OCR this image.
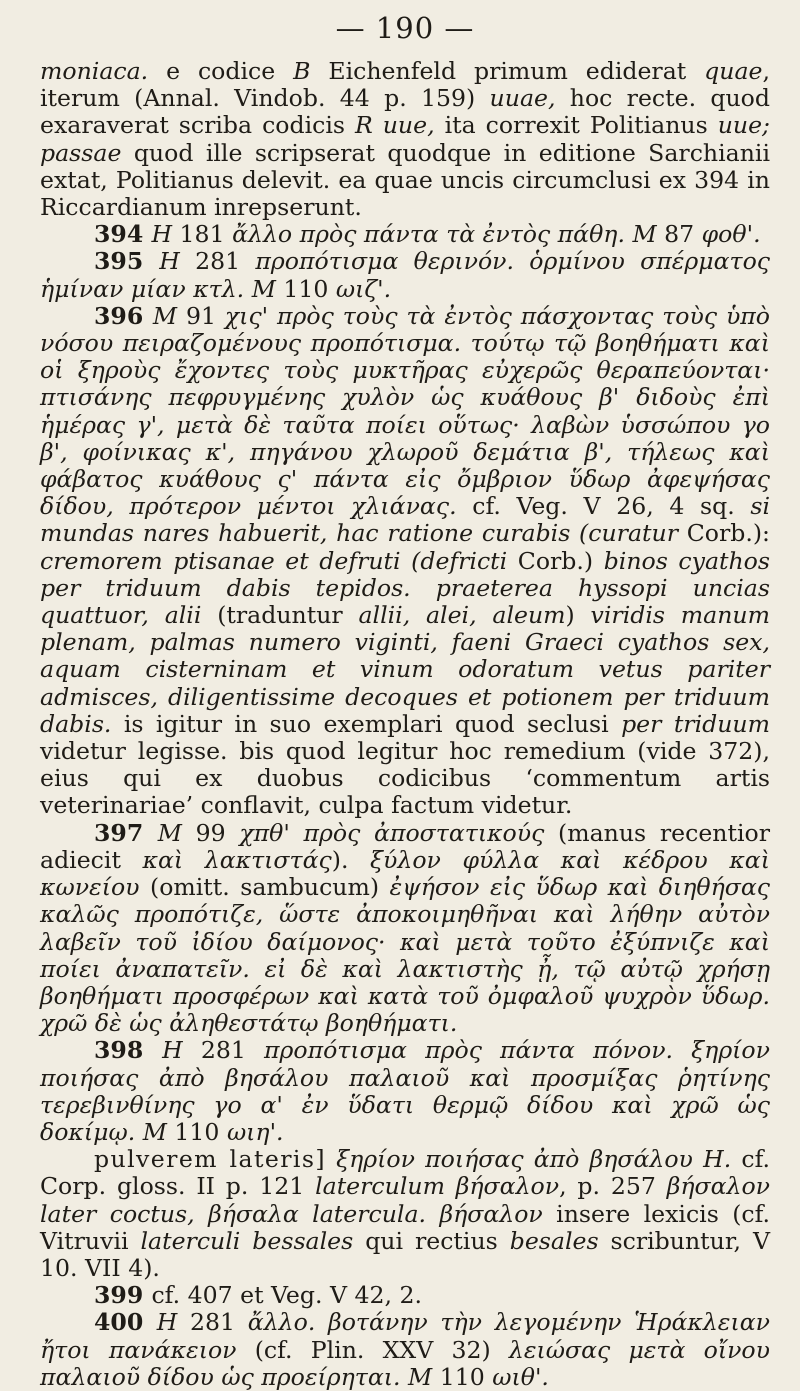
— 190 —

moniaca. e codice B Eichenfeld primum ediderat quae, iterum (Annal. Vindob. 44 p. 159) uuae, hoc recte. quod exaraverat scriba codicis R uue, ita correxit Politianus uue; passae quod ille scripserat quodque in editione Sarchianii extat, Politianus delevit. ea quae uncis circumclusi ex 394 in Riccardianum inrepserunt.

394 H 181 ἄλλο πρὸς πάντα τὰ ἐντὸς πάθη. M 87 φοθ'.

395 H 281 προπότισμα θερινόν. ὁρμίνου σπέρματος ἡμίναν μίαν κτλ. M 110 ωιζ'.

396 M 91 χις' πρὸς τοὺς τὰ ἐντὸς πάσχοντας τοὺς ὑπὸ νόσου πειραζομένους προπότισμα. τούτῳ τῷ βοηθήματι καὶ οἱ ξηροὺς ἔχοντες τοὺς μυκτῆρας εὐχερῶς θεραπεύονται· πτισάνης πεφρυγμένης χυλὸν ὡς κυάθους β' διδοὺς ἐπὶ ἡμέρας γ', μετὰ δὲ ταῦτα ποίει οὕτως· λαβὼν ὑσσώπου γο β', φοίνικας κ', πηγάνου χλωροῦ δεμάτια β', τήλεως καὶ φάβατος κυάθους ς' πάντα εἰς ὄμβριον ὕδωρ ἀφεψήσας δίδου, πρότερον μέντοι χλιάνας. cf. Veg. V 26, 4 sq. si mundas nares habuerit, hac ratione curabis (curatur Corb.): cremorem ptisanae et defruti (defricti Corb.) binos cyathos per triduum dabis tepidos. praeterea hyssopi uncias quattuor, alii (traduntur allii, alei, aleum) viridis manum plenam, palmas numero viginti, faeni Graeci cyathos sex, aquam cisterninam et vinum odoratum vetus pariter admisces, diligentissime decoques et potionem per triduum dabis. is igitur in suo exemplari quod seclusi per triduum videtur legisse. bis quod legitur hoc remedium (vide 372), eius qui ex duobus codicibus ‘commentum artis veterinariae’ conflavit, culpa factum videtur.

397 M 99 χπθ' πρὸς ἀποστατικούς (manus recentior adiecit καὶ λακτιστάς). ξύλον φύλλα καὶ κέδρου καὶ κωνείου (omitt. sambucum) ἐψήσον εἰς ὕδωρ καὶ διηθήσας καλῶς προπότιζε, ὥστε ἀποκοιμηθῆναι καὶ λήθην αὐτὸν λαβεῖν τοῦ ἰδίου δαίμονος· καὶ μετὰ τοῦτο ἐξύπνιζε καὶ ποίει ἀναπατεῖν. εἰ δὲ καὶ λακτιστὴς ᾖ, τῷ αὐτῷ χρήσῃ βοηθήματι προσφέρων καὶ κατὰ τοῦ ὀμφαλοῦ ψυχρὸν ὕδωρ. χρῶ δὲ ὡς ἀληθεστάτῳ βοηθήματι.

398 H 281 προπότισμα πρὸς πάντα πόνον. ξηρίον ποιήσας ἀπὸ βησάλου παλαιοῦ καὶ προσμίξας ῥητίνης τερεβινθίνης γο α' ἐν ὕδατι θερμῷ δίδου καὶ χρῶ ὡς δοκίμῳ. M 110 ωιη'.

pulverem lateris] ξηρίον ποιήσας ἀπὸ βησάλου H. cf. Corp. gloss. II p. 121 laterculum βήσαλον, p. 257 βήσαλον later coctus, βήσαλα latercula. βήσαλον insere lexicis (cf. Vitruvii laterculi bessales qui rectius besales scribuntur, V 10. VII 4).

399 cf. 407 et Veg. V 42, 2.

400 H 281 ἄλλο. βοτάνην τὴν λεγομένην Ἡράκλειαν ἤτοι πανάκειον (cf. Plin. XXV 32) λειώσας μετὰ οἴνου παλαιοῦ δίδου ὡς προείρηται. M 110 ωιθ'.
